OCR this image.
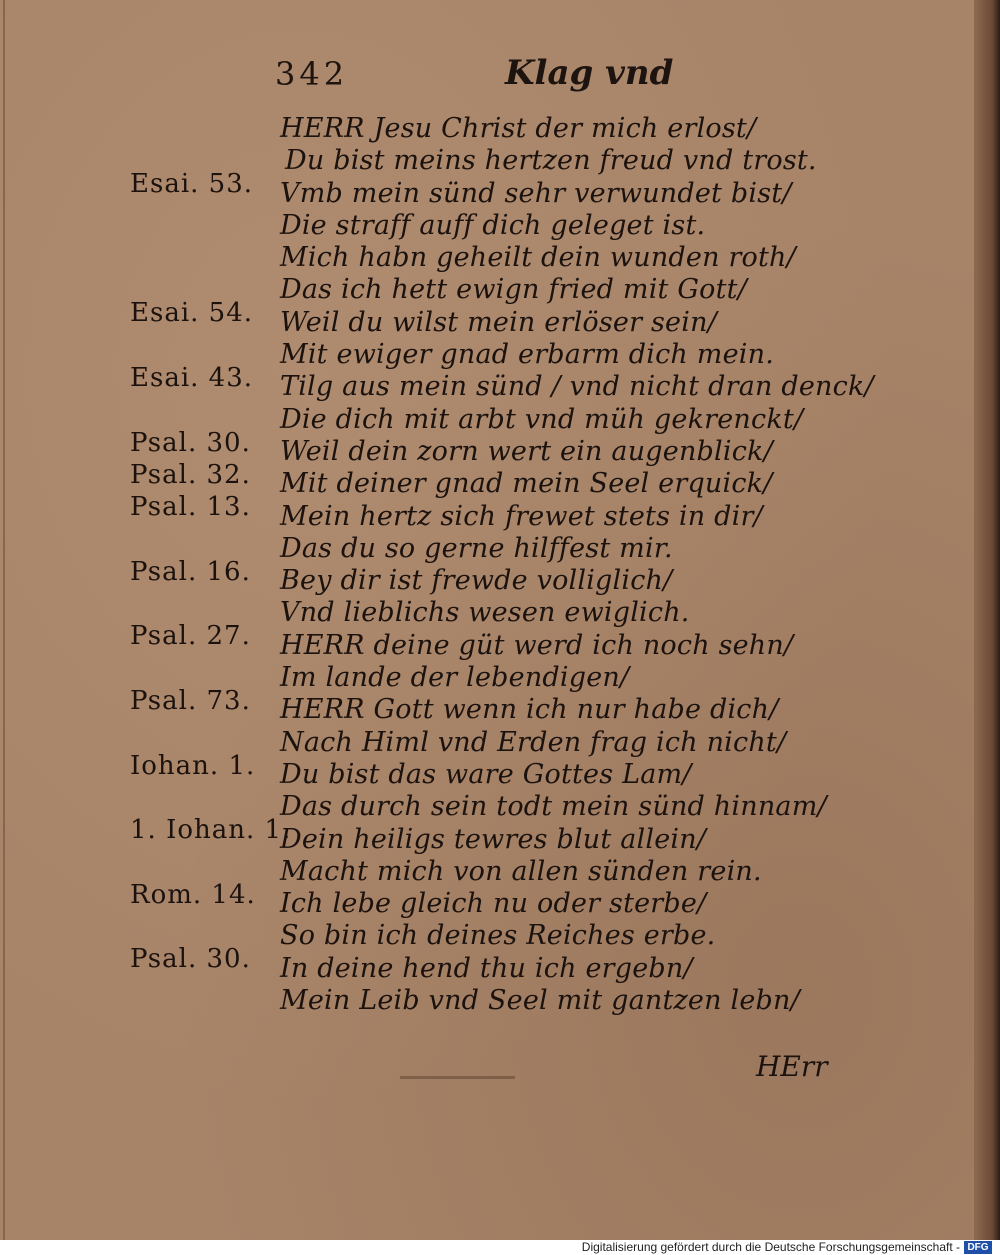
342	Klag vnd
HERR Jesu Christ der mich erlost/
Esai. 53.
Du bist meins hertzen freud vnd trost.
Vmb mein sünd sehr verwundet bist/
Die straff auff dich geleget ist.
Mich habn geheilt dein wunden roth/
Esai. 54.
Das ich hett ewign fried mit Gott/
Weil du wilst mein erlöser sein/
Esai. 43.
Mit ewiger gnad erbarm dich mein.
Tilg aus mein sünd / vnd nicht dran denck/
Psal. 30.
Die dich mit arbt vnd müh gekrenckt/
Psal. 32.
Weil dein zorn wert ein augenblick/
Psal. 13.
Mit deiner gnad mein Seel erquick/
Mein hertz sich frewet stets in dir/
Psal. 16.
Das du so gerne hilffest mir.
Bey dir ist frewde volliglich/
Psal. 27.
Vnd lieblichs wesen ewiglich.
HERR deine güt werd ich noch sehn/
Psal. 73.
Im lande der lebendigen/
HERR Gott wenn ich nur habe dich/
Iohan. 1.
Nach Himl vnd Erden frag ich nicht/
Du bist das ware Gottes Lam/
1. Iohan. 1.
Das durch sein todt mein sünd hinnam/
Dein heiligs tewres blut allein/
Rom. 14.
Macht mich von allen sünden rein.
Ich lebe gleich nu oder sterbe/
Psal. 30.
So bin ich deines Reiches erbe.
In deine hend thu ich ergebn/
Mein Leib vnd Seel mit gantzen lebn/
HErr
Digitalisierung gefördert durch die Deutsche Forschungsgemeinschaft - DFG
